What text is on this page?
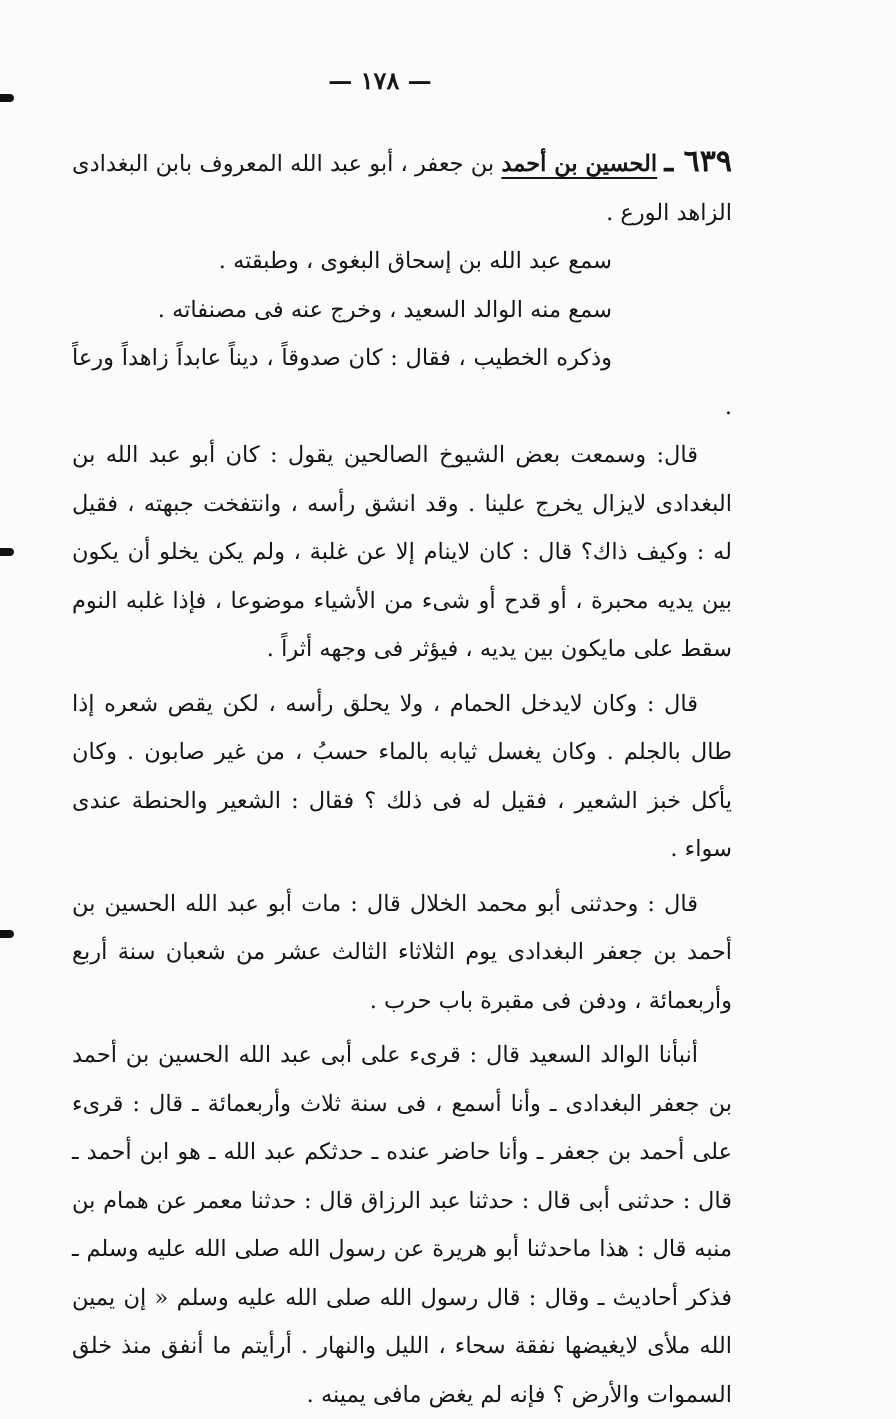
— ١٧٨ —

٦٣٩ ـ الحسين بن أحمد بن جعفر ، أبو عبد الله المعروف بابن البغدادى الزاهد الورع .

سمع عبد الله بن إسحاق البغوى ، وطبقته .

سمع منه الوالد السعيد ، وخرج عنه فى مصنفاته .

وذكره الخطيب ، فقال : كان صدوقاً ، ديناً عابداً زاهداً ورعاً .

قال: وسمعت بعض الشيوخ الصالحين يقول : كان أبو عبد الله بن البغدادى لايزال يخرج علينا . وقد انشق رأسه ، وانتفخت جبهته ، فقيل له : وكيف ذاك؟ قال : كان لاينام إلا عن غلبة ، ولم يكن يخلو أن يكون بين يديه محبرة ، أو قدح أو شىء من الأشياء موضوعا ، فإذا غلبه النوم سقط على مايكون بين يديه ، فيؤثر فى وجهه أثراً .

قال : وكان لايدخل الحمام ، ولا يحلق رأسه ، لكن يقص شعره إذا طال بالجلم . وكان يغسل ثيابه بالماء حسبُ ، من غير صابون . وكان يأكل خبز الشعير ، فقيل له فى ذلك ؟ فقال : الشعير والحنطة عندى سواء .

قال : وحدثنى أبو محمد الخلال قال : مات أبو عبد الله الحسين بن أحمد بن جعفر البغدادى يوم الثلاثاء الثالث عشر من شعبان سنة أربع وأربعمائة ، ودفن فى مقبرة باب حرب .

أنبأنا الوالد السعيد قال : قرىء على أبى عبد الله الحسين بن أحمد بن جعفر البغدادى ـ وأنا أسمع ، فى سنة ثلاث وأربعمائة ـ قال : قرىء على أحمد بن جعفر ـ وأنا حاضر عنده ـ حدثكم عبد الله ـ هو ابن أحمد ـ قال : حدثنى أبى قال : حدثنا عبد الرزاق قال : حدثنا معمر عن همام بن منبه قال : هذا ماحدثنا أبو هريرة عن رسول الله صلى الله عليه وسلم ـ فذكر أحاديث ـ وقال : قال رسول الله صلى الله عليه وسلم « إن يمين الله ملأى لايغيضها نفقة سحاء ، الليل والنهار . أرأيتم ما أنفق منذ خلق السموات والأرض ؟ فإنه لم يغض مافى يمينه .
